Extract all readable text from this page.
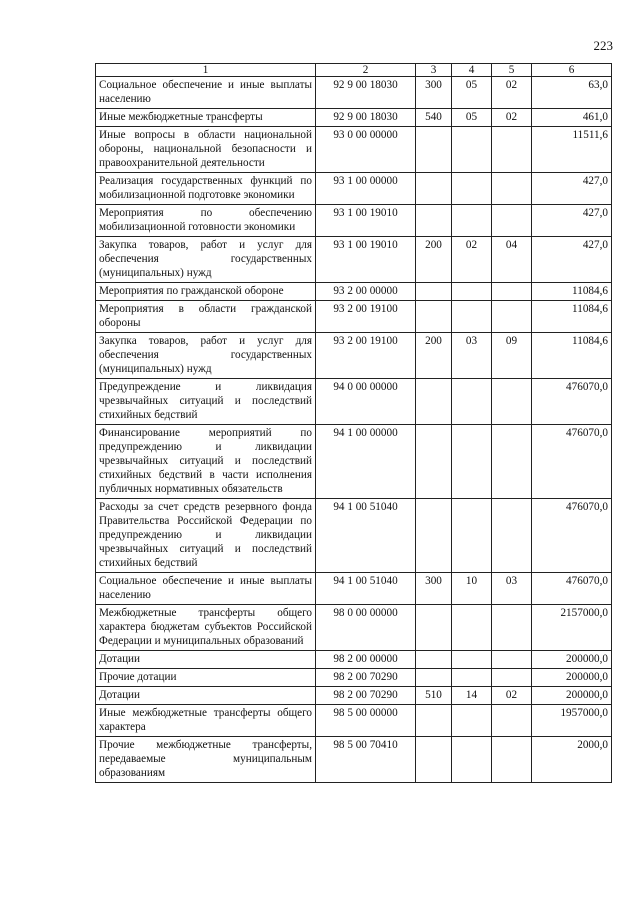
223
1	2	3	4	5	6
Социальное обеспечение и иные выплаты населению	92 9 00 18030	300	05	02	63,0
Иные межбюджетные трансферты	92 9 00 18030	540	05	02	461,0
Иные вопросы в области национальной обороны, национальной безопасности и правоохранительной деятельности	93 0 00 00000				11511,6
Реализация государственных функций по мобилизационной подготовке экономики	93 1 00 00000				427,0
Мероприятия по обеспечению мобилизационной готовности экономики	93 1 00 19010				427,0
Закупка товаров, работ и услуг для обеспечения государственных (муниципальных) нужд	93 1 00 19010	200	02	04	427,0
Мероприятия по гражданской обороне	93 2 00 00000				11084,6
Мероприятия в области гражданской обороны	93 2 00 19100				11084,6
Закупка товаров, работ и услуг для обеспечения государственных (муниципальных) нужд	93 2 00 19100	200	03	09	11084,6
Предупреждение и ликвидация чрезвычайных ситуаций и последствий стихийных бедствий	94 0 00 00000				476070,0
Финансирование мероприятий по предупреждению и ликвидации чрезвычайных ситуаций и последствий стихийных бедствий в части исполнения публичных нормативных обязательств	94 1 00 00000				476070,0
Расходы за счет средств резервного фонда Правительства Российской Федерации по предупреждению и ликвидации чрезвычайных ситуаций и последствий стихийных бедствий	94 1 00 51040				476070,0
Социальное обеспечение и иные выплаты населению	94 1 00 51040	300	10	03	476070,0
Межбюджетные трансферты общего характера бюджетам субъектов Российской Федерации и муниципальных образований	98 0 00 00000				2157000,0
Дотации	98 2 00 00000				200000,0
Прочие дотации	98 2 00 70290				200000,0
Дотации	98 2 00 70290	510	14	02	200000,0
Иные межбюджетные трансферты общего характера	98 5 00 00000				1957000,0
Прочие межбюджетные трансферты, передаваемые муниципальным образованиям	98 5 00 70410				2000,0
